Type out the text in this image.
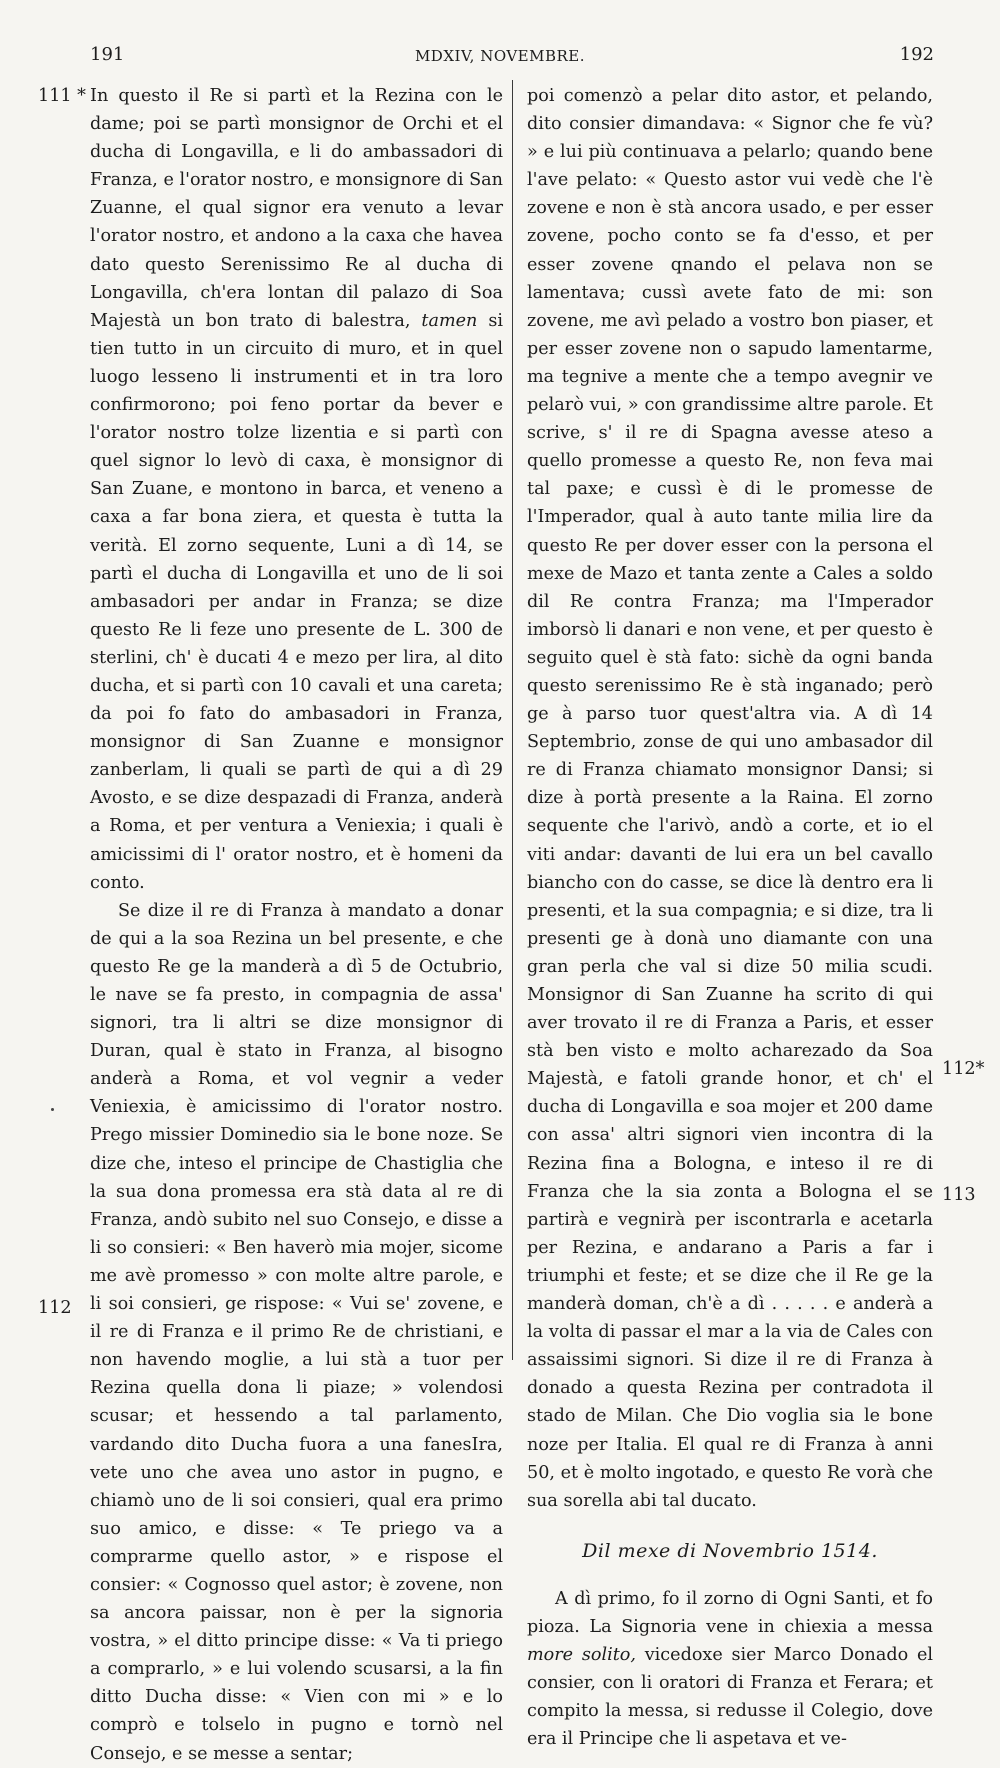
191	MDXIV, NOVEMBRE.	192
111 *
112
112*
113

In questo il Re si partì et la Rezina con le dame; poi se partì monsignor de Orchi et el ducha di Longavilla, e li do ambassadori di Franza, e l'orator nostro, e monsignore di San Zuanne, el qual signor era venuto a levar l'orator nostro, et andono a la caxa che havea dato questo Serenissimo Re al ducha di Longavilla, ch'era lontan dil palazo di Soa Majestà un bon trato di balestra, tamen si tien tutto in un circuito di muro, et in quel luogo lesseno li instrumenti et in tra loro confirmorono; poi feno portar da bever e l'orator nostro tolze lizentia e si partì con quel signor lo levò di caxa, è monsignor di San Zuane, e montono in barca, et veneno a caxa a far bona ziera, et questa è tutta la verità. El zorno sequente, Luni a dì 14, se partì el ducha di Longavilla et uno de li soi ambasadori per andar in Franza; se dize questo Re li feze uno presente de L. 300 de sterlini, ch' è ducati 4 e mezo per lira, al dito ducha, et si partì con 10 cavali et una careta; da poi fo fato do ambasadori in Franza, monsignor di San Zuanne e monsignor zanberlam, li quali se partì de qui a dì 29 Avosto, e se dize despazadi di Franza, anderà a Roma, et per ventura a Veniexia; i quali è amicissimi di l' orator nostro, et è homeni da conto.

Se dize il re di Franza à mandato a donar de qui a la soa Rezina un bel presente, e che questo Re ge la manderà a dì 5 de Octubrio, le nave se fa presto, in compagnia de assa' signori, tra li altri se dize monsignor di Duran, qual è stato in Franza, al bisogno anderà a Roma, et vol vegnir a veder Veniexia, è amicissimo di l'orator nostro. Prego missier Dominedio sia le bone noze. Se dize che, inteso el principe de Chastiglia che la sua dona promessa era stà data al re di Franza, andò subito nel suo Consejo, e disse a li so consieri: « Ben haverò mia mojer, sicome me avè promesso » con molte altre parole, e li soi consieri, ge rispose: « Vui se' zovene, e il re di Franza e il primo Re de christiani, e non havendo moglie, a lui stà a tuor per Rezina quella dona li piaze; » volendosi scusar; et hessendo a tal parlamento, vardando dito Ducha fuora a una fanesIra, vete uno che avea uno astor in pugno, e chiamò uno de li soi consieri, qual era primo suo amico, e disse: « Te priego va a comprarme quello astor, » e rispose el consier: « Cognosso quel astor; è zovene, non sa ancora paissar, non è per la signoria vostra, » el ditto principe disse: « Va ti priego a comprarlo, » e lui volendo scusarsi, a la fin ditto Ducha disse: « Vien con mi » e lo comprò e tolselo in pugno e tornò nel Consejo, e se messe a sentar;

poi comenzò a pelar dito astor, et pelando, dito consier dimandava: « Signor che fe vù? » e lui più continuava a pelarlo; quando bene l'ave pelato: « Questo astor vui vedè che l'è zovene e non è stà ancora usado, e per esser zovene, pocho conto se fa d'esso, et per esser zovene qnando el pelava non se lamentava; cussì avete fato de mi: son zovene, me avì pelado a vostro bon piaser, et per esser zovene non o sapudo lamentarme, ma tegnive a mente che a tempo avegnir ve pelarò vui, » con grandissime altre parole. Et scrive, s' il re di Spagna avesse ateso a quello promesse a questo Re, non feva mai tal paxe; e cussì è di le promesse de l'Imperador, qual à auto tante milia lire da questo Re per dover esser con la persona el mexe de Mazo et tanta zente a Cales a soldo dil Re contra Franza; ma l'Imperador imborsò li danari e non vene, et per questo è seguito quel è stà fato: sichè da ogni banda questo serenissimo Re è stà inganado; però ge à parso tuor quest'altra via. A dì 14 Septembrio, zonse de qui uno ambasador dil re di Franza chiamato monsignor Dansi; si dize à portà presente a la Raina. El zorno sequente che l'arivò, andò a corte, et io el viti andar: davanti de lui era un bel cavallo biancho con do casse, se dice là dentro era li presenti, et la sua compagnia; e si dize, tra li presenti ge à donà uno diamante con una gran perla che val si dize 50 milia scudi. Monsignor di San Zuanne ha scrito di qui aver trovato il re di Franza a Paris, et esser stà ben visto e molto acharezado da Soa Majestà, e fatoli grande honor, et ch' el ducha di Longavilla e soa mojer et 200 dame con assa' altri signori vien incontra di la Rezina fina a Bologna, e inteso il re di Franza che la sia zonta a Bologna el se partirà e vegnirà per iscontrarla e acetarla per Rezina, e andarano a Paris a far i triumphi et feste; et se dize che il Re ge la manderà doman, ch'è a dì . . . . . e anderà a la volta di passar el mar a la via de Cales con assaissimi signori. Si dize il re di Franza à donado a questa Rezina per contradota il stado de Milan. Che Dio voglia sia le bone noze per Italia. El qual re di Franza à anni 50, et è molto ingotado, e questo Re vorà che sua sorella abi tal ducato.

Dil mexe di Novembrio 1514.

A dì primo, fo il zorno di Ogni Santi, et fo pioza. La Signoria vene in chiexia a messa more solito, vicedoxe sier Marco Donado el consier, con li oratori di Franza et Ferara; et compito la messa, si redusse il Colegio, dove era il Principe che li aspetava et ve-
